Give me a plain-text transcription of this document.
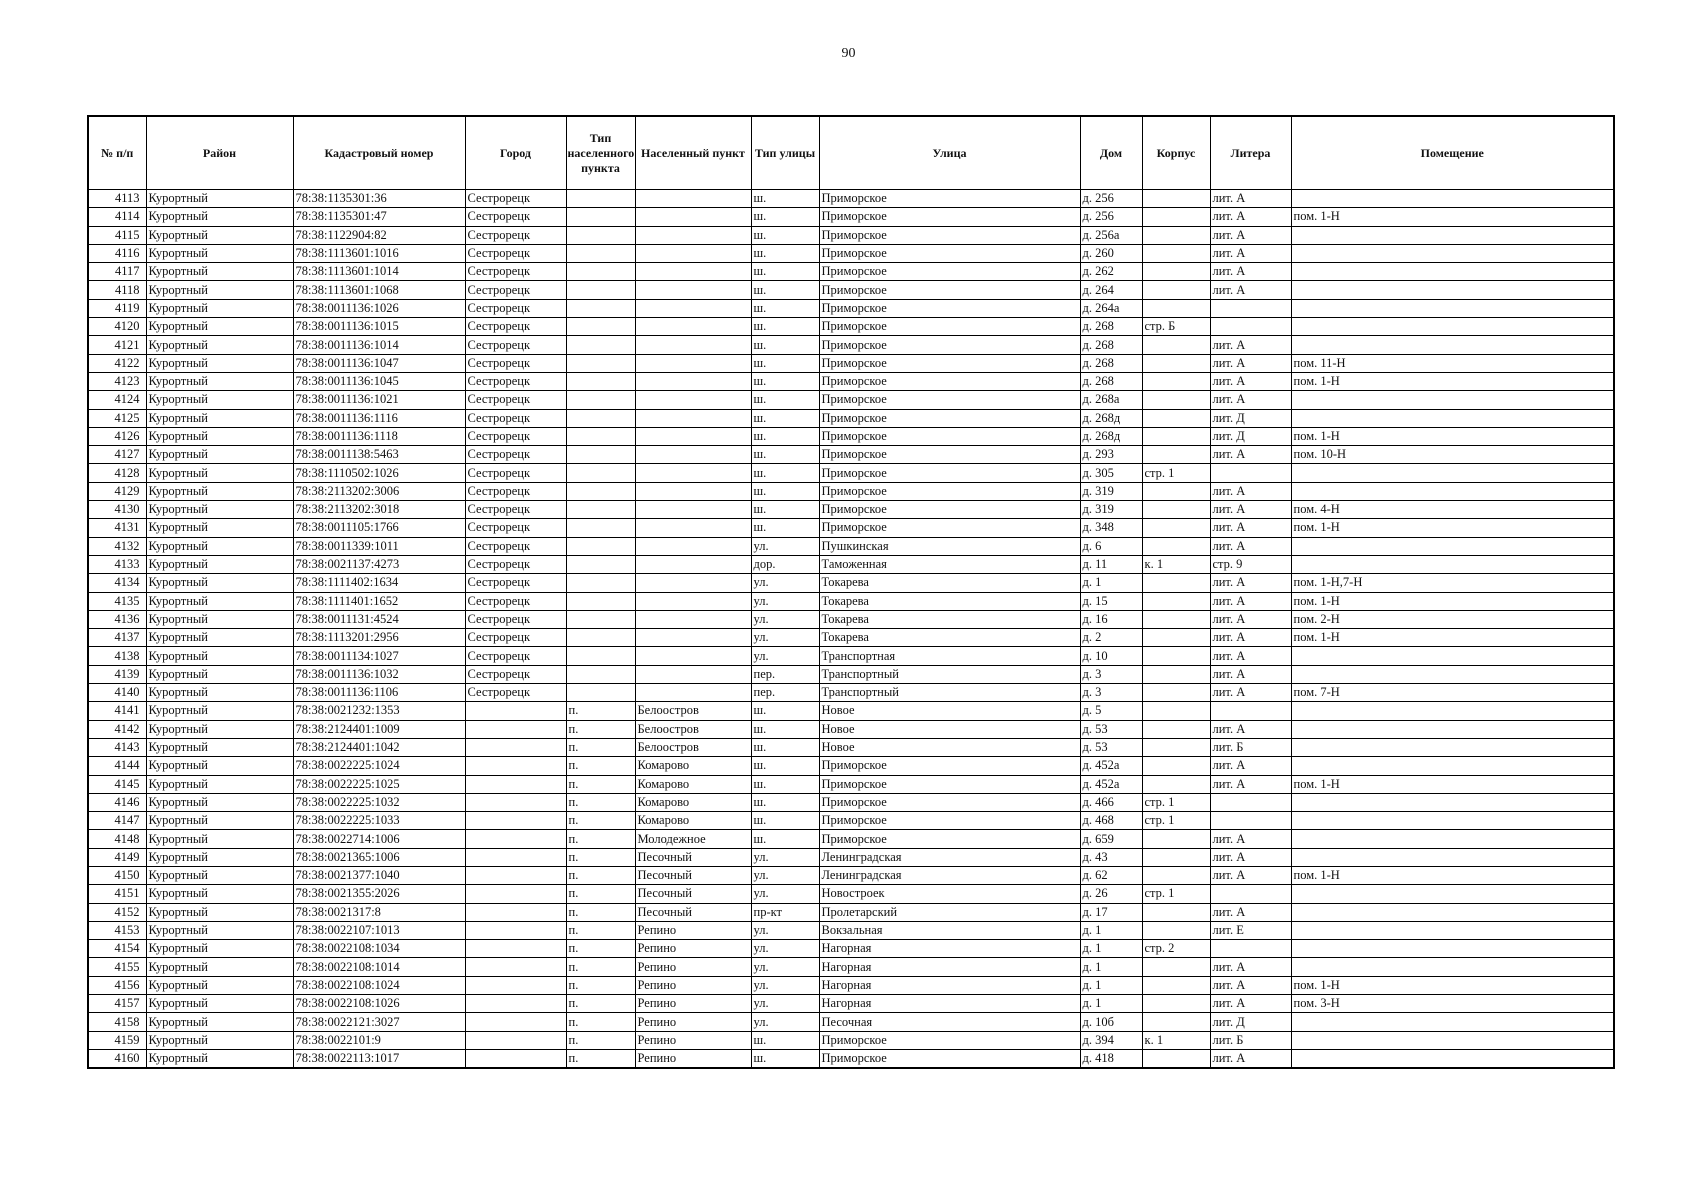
90
№ п/п	Район	Кадастровый номер	Город	Тип населенного пункта	Населенный пункт	Тип улицы	Улица	Дом	Корпус	Литера	Помещение
4113	Курортный	78:38:1135301:36	Сестрорецк			ш.	Приморское	д. 256		лит. А	
4114	Курортный	78:38:1135301:47	Сестрорецк			ш.	Приморское	д. 256		лит. А	пом. 1-Н
4115	Курортный	78:38:1122904:82	Сестрорецк			ш.	Приморское	д. 256а		лит. А	
4116	Курортный	78:38:1113601:1016	Сестрорецк			ш.	Приморское	д. 260		лит. А	
4117	Курортный	78:38:1113601:1014	Сестрорецк			ш.	Приморское	д. 262		лит. А	
4118	Курортный	78:38:1113601:1068	Сестрорецк			ш.	Приморское	д. 264		лит. А	
4119	Курортный	78:38:0011136:1026	Сестрорецк			ш.	Приморское	д. 264а			
4120	Курортный	78:38:0011136:1015	Сестрорецк			ш.	Приморское	д. 268	стр. Б		
4121	Курортный	78:38:0011136:1014	Сестрорецк			ш.	Приморское	д. 268		лит. А	
4122	Курортный	78:38:0011136:1047	Сестрорецк			ш.	Приморское	д. 268		лит. А	пом. 11-Н
4123	Курортный	78:38:0011136:1045	Сестрорецк			ш.	Приморское	д. 268		лит. А	пом. 1-Н
4124	Курортный	78:38:0011136:1021	Сестрорецк			ш.	Приморское	д. 268а		лит. А	
4125	Курортный	78:38:0011136:1116	Сестрорецк			ш.	Приморское	д. 268д		лит. Д	
4126	Курортный	78:38:0011136:1118	Сестрорецк			ш.	Приморское	д. 268д		лит. Д	пом. 1-Н
4127	Курортный	78:38:0011138:5463	Сестрорецк			ш.	Приморское	д. 293		лит. А	пом. 10-Н
4128	Курортный	78:38:1110502:1026	Сестрорецк			ш.	Приморское	д. 305	стр. 1		
4129	Курортный	78:38:2113202:3006	Сестрорецк			ш.	Приморское	д. 319		лит. А	
4130	Курортный	78:38:2113202:3018	Сестрорецк			ш.	Приморское	д. 319		лит. А	пом. 4-Н
4131	Курортный	78:38:0011105:1766	Сестрорецк			ш.	Приморское	д. 348		лит. А	пом. 1-Н
4132	Курортный	78:38:0011339:1011	Сестрорецк			ул.	Пушкинская	д. 6		лит. А	
4133	Курортный	78:38:0021137:4273	Сестрорецк			дор.	Таможенная	д. 11	к. 1	стр. 9	
4134	Курортный	78:38:1111402:1634	Сестрорецк			ул.	Токарева	д. 1		лит. А	пом. 1-Н,7-Н
4135	Курортный	78:38:1111401:1652	Сестрорецк			ул.	Токарева	д. 15		лит. А	пом. 1-Н
4136	Курортный	78:38:0011131:4524	Сестрорецк			ул.	Токарева	д. 16		лит. А	пом. 2-Н
4137	Курортный	78:38:1113201:2956	Сестрорецк			ул.	Токарева	д. 2		лит. А	пом. 1-Н
4138	Курортный	78:38:0011134:1027	Сестрорецк			ул.	Транспортная	д. 10		лит. А	
4139	Курортный	78:38:0011136:1032	Сестрорецк			пер.	Транспортный	д. 3		лит. А	
4140	Курортный	78:38:0011136:1106	Сестрорецк			пер.	Транспортный	д. 3		лит. А	пом. 7-Н
4141	Курортный	78:38:0021232:1353		п.	Белоостров	ш.	Новое	д. 5			
4142	Курортный	78:38:2124401:1009		п.	Белоостров	ш.	Новое	д. 53		лит. А	
4143	Курортный	78:38:2124401:1042		п.	Белоостров	ш.	Новое	д. 53		лит. Б	
4144	Курортный	78:38:0022225:1024		п.	Комарово	ш.	Приморское	д. 452а		лит. А	
4145	Курортный	78:38:0022225:1025		п.	Комарово	ш.	Приморское	д. 452а		лит. А	пом. 1-Н
4146	Курортный	78:38:0022225:1032		п.	Комарово	ш.	Приморское	д. 466	стр. 1		
4147	Курортный	78:38:0022225:1033		п.	Комарово	ш.	Приморское	д. 468	стр. 1		
4148	Курортный	78:38:0022714:1006		п.	Молодежное	ш.	Приморское	д. 659		лит. А	
4149	Курортный	78:38:0021365:1006		п.	Песочный	ул.	Ленинградская	д. 43		лит. А	
4150	Курортный	78:38:0021377:1040		п.	Песочный	ул.	Ленинградская	д. 62		лит. А	пом. 1-Н
4151	Курортный	78:38:0021355:2026		п.	Песочный	ул.	Новостроек	д. 26	стр. 1		
4152	Курортный	78:38:0021317:8		п.	Песочный	пр-кт	Пролетарский	д. 17		лит. А	
4153	Курортный	78:38:0022107:1013		п.	Репино	ул.	Вокзальная	д. 1		лит. Е	
4154	Курортный	78:38:0022108:1034		п.	Репино	ул.	Нагорная	д. 1	стр. 2		
4155	Курортный	78:38:0022108:1014		п.	Репино	ул.	Нагорная	д. 1		лит. А	
4156	Курортный	78:38:0022108:1024		п.	Репино	ул.	Нагорная	д. 1		лит. А	пом. 1-Н
4157	Курортный	78:38:0022108:1026		п.	Репино	ул.	Нагорная	д. 1		лит. А	пом. 3-Н
4158	Курортный	78:38:0022121:3027		п.	Репино	ул.	Песочная	д. 10б		лит. Д	
4159	Курортный	78:38:0022101:9		п.	Репино	ш.	Приморское	д. 394	к. 1	лит. Б	
4160	Курортный	78:38:0022113:1017		п.	Репино	ш.	Приморское	д. 418		лит. А	
